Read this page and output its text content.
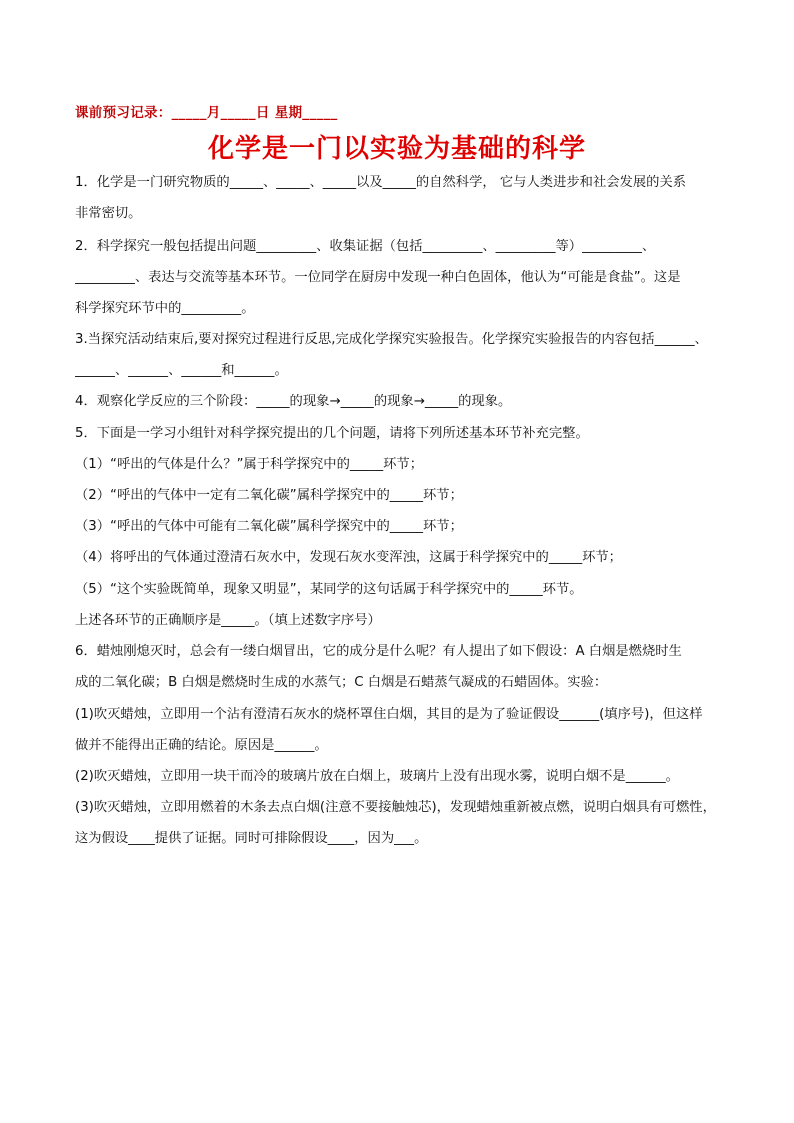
课前预习记录：_____月_____日 星期_____
化学是一门以实验为基础的科学
1．化学是一门研究物质的_____、_____、_____以及_____的自然科学， 它与人类进步和社会发展的关系
非常密切。
2．科学探究一般包括提出问题_________、收集证据（包括_________、_________等）_________、
_________、表达与交流等基本环节。一位同学在厨房中发现一种白色固体，他认为“可能是食盐”。这是
科学探究环节中的_________。
3.当探究活动结束后,要对探究过程进行反思,完成化学探究实验报告。化学探究实验报告的内容包括______、
______、______、______和______。
4．观察化学反应的三个阶段：_____的现象→_____的现象→_____的现象。
5．下面是一学习小组针对科学探究提出的几个问题，请将下列所述基本环节补充完整。
（1）“呼出的气体是什么？”属于科学探究中的_____环节；
（2）“呼出的气体中一定有二氧化碳”属科学探究中的_____环节；
（3）“呼出的气体中可能有二氧化碳”属科学探究中的_____环节；
（4）将呼出的气体通过澄清石灰水中，发现石灰水变浑浊，这属于科学探究中的_____环节；
（5）“这个实验既简单，现象又明显”，某同学的这句话属于科学探究中的_____环节。
上述各环节的正确顺序是_____。（填上述数字序号）
6．蜡烛刚熄灭时，总会有一缕白烟冒出，它的成分是什么呢？有人提出了如下假设：A 白烟是燃烧时生
成的二氧化碳；B 白烟是燃烧时生成的水蒸气；C 白烟是石蜡蒸气凝成的石蜡固体。实验：
(1)吹灭蜡烛，立即用一个沾有澄清石灰水的烧杯罩住白烟，其目的是为了验证假设______(填序号)，但这样
做并不能得出正确的结论。原因是______。
(2)吹灭蜡烛，立即用一块干而冷的玻璃片放在白烟上，玻璃片上没有出现水雾，说明白烟不是______。
(3)吹灭蜡烛，立即用燃着的木条去点白烟(注意不要接触烛芯)，发现蜡烛重新被点燃，说明白烟具有可燃性，
这为假设____提供了证据。同时可排除假设____，因为___。
